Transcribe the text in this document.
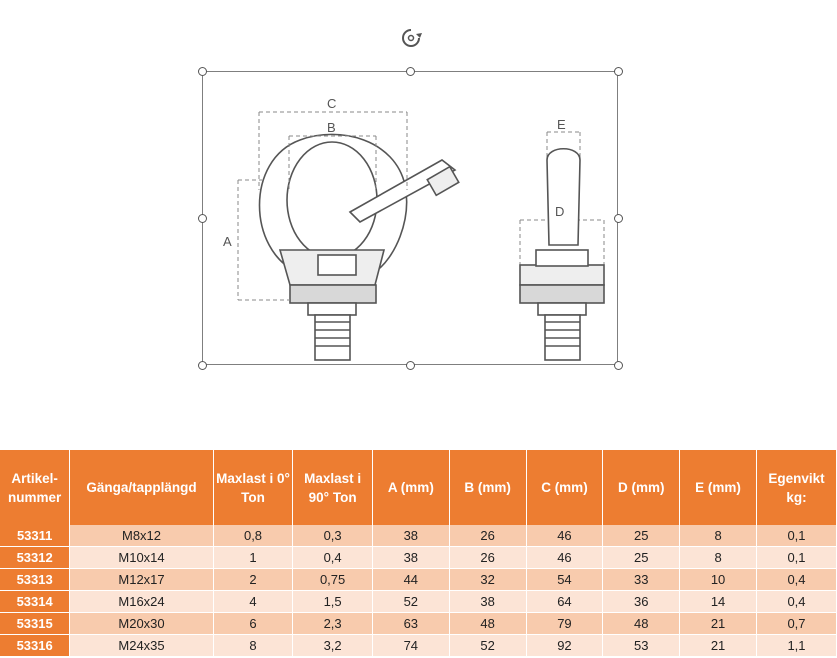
C
B
A
E
D
Artikel-nummer	Gänga/tapplängd	Maxlast i 0° Ton	Maxlast i 90° Ton	A (mm)	B (mm)	C (mm)	D (mm)	E (mm)	Egenvikt kg:
53311	M8x12	0,8	0,3	38	26	46	25	8	0,1
53312	M10x14	1	0,4	38	26	46	25	8	0,1
53313	M12x17	2	0,75	44	32	54	33	10	0,4
53314	M16x24	4	1,5	52	38	64	36	14	0,4
53315	M20x30	6	2,3	63	48	79	48	21	0,7
53316	M24x35	8	3,2	74	52	92	53	21	1,1
